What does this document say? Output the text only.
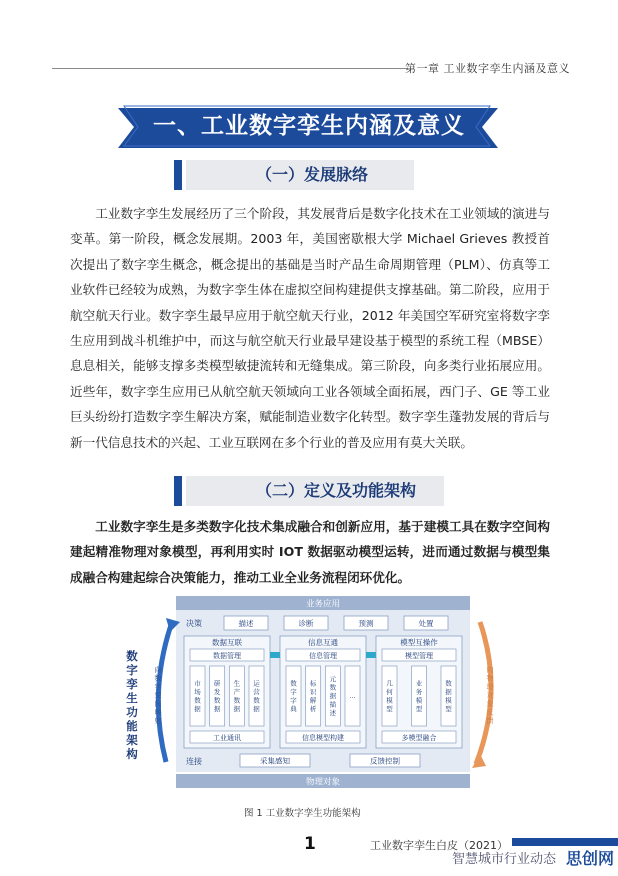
第一章 工业数字孪生内涵及意义
一、工业数字孪生内涵及意义
（一）发展脉络

工业数字孪生发展经历了三个阶段，其发展背后是数字化技术在工业领域的演进与变革。第一阶段，概念发展期。2003 年，美国密歇根大学 Michael Grieves 教授首次提出了数字孪生概念，概念提出的基础是当时产品生命周期管理（PLM）、仿真等工业软件已经较为成熟，为数字孪生体在虚拟空间构建提供支撑基础。第二阶段，应用于航空航天行业。数字孪生最早应用于航空航天行业，2012 年美国空军研究室将数字孪生应用到战斗机维护中，而这与航空航天行业最早建设基于模型的系统工程（MBSE）息息相关，能够支撑多类模型敏捷流转和无缝集成。第三阶段，向多类行业拓展应用。近些年，数字孪生应用已从航空航天领域向工业各领域全面拓展，西门子、GE 等工业巨头纷纷打造数字孪生解决方案，赋能制造业数字化转型。数字孪生蓬勃发展的背后与新一代信息技术的兴起、工业互联网在多个行业的普及应用有莫大关联。

（二）定义及功能架构

工业数字孪生是多类数字化技术集成融合和创新应用，基于建模工具在数字空间构建起精准物理对象模型，再利用实时 IOT 数据驱动模型运转，进而通过数据与模型集成融合构建起综合决策能力，推动工业全业务流程闭环优化。

数字孪生功能架构
业务应用
向数字空间映射
向物理对象反馈
决策	描述	诊断	预测	处置
数据互联
数据管理
市场数据
研发数据
生产数据
运营数据
工业通讯
信息互通
信息管理
数字字典
标识解析
元数据描述
…
信息模型构建
模型互操作
模型管理
几何模型
业务模型
数据模型
多模型融合
连接	采集感知	反馈控制
物理对象
图 1 工业数字孪生功能架构
1	工业数字孪生白皮（2021）
智慧城市行业动态 思创网
